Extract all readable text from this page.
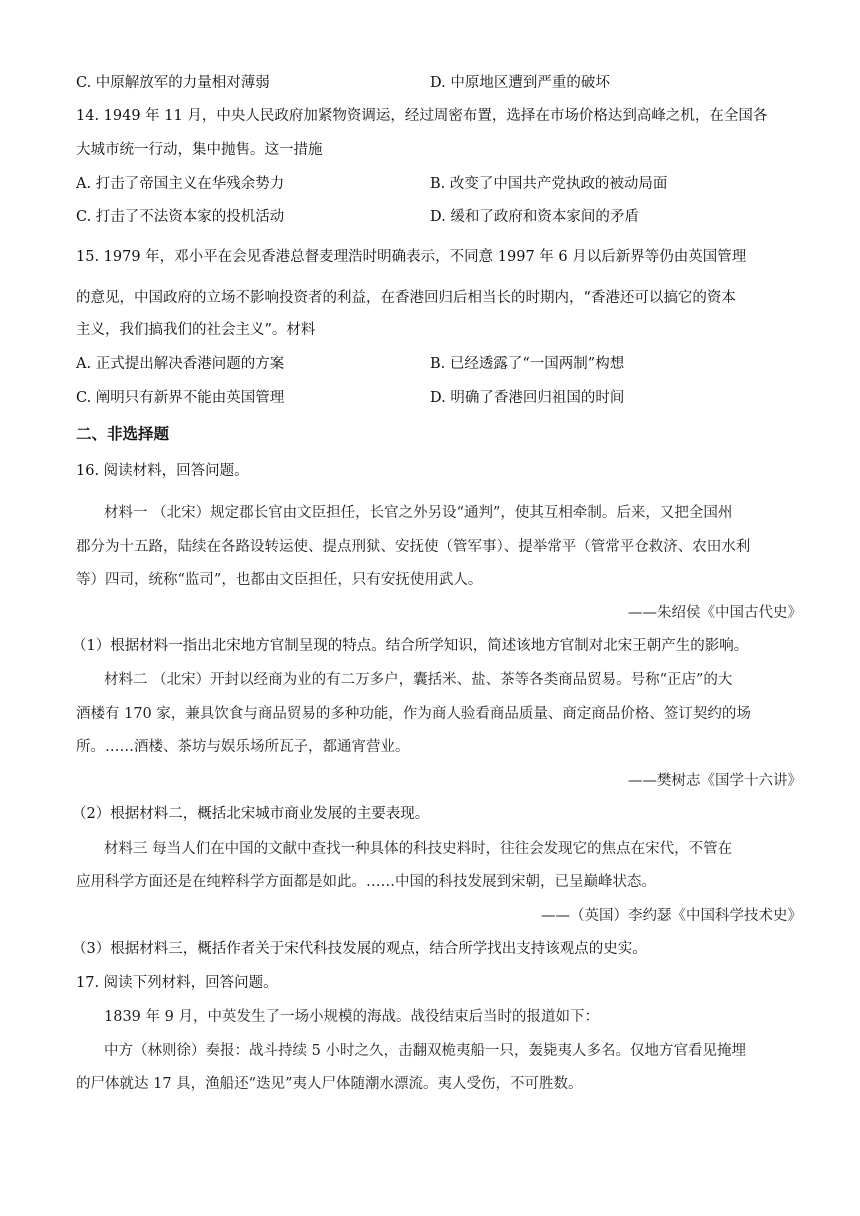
C. 中原解放军的力量相对薄弱	D. 中原地区遭到严重的破坏
14. 1949 年 11 月，中央人民政府加紧物资调运，经过周密布置，选择在市场价格达到高峰之机，在全国各
大城市统一行动，集中抛售。这一措施
A. 打击了帝国主义在华残余势力	B. 改变了中国共产党执政的被动局面
C. 打击了不法资本家的投机活动	D. 缓和了政府和资本家间的矛盾
15. 1979 年，邓小平在会见香港总督麦理浩时明确表示，不同意 1997 年 6 月以后新界等仍由英国管理
的意见，中国政府的立场不影响投资者的利益，在香港回归后相当长的时期内，“香港还可以搞它的资本
主义，我们搞我们的社会主义”。材料
A. 正式提出解决香港问题的方案	B. 已经透露了“一国两制”构想
C. 阐明只有新界不能由英国管理	D. 明确了香港回归祖国的时间
二、非选择题
16. 阅读材料，回答问题。
材料一 （北宋）规定郡长官由文臣担任，长官之外另设“通判”，使其互相牵制。后来，又把全国州
郡分为十五路，陆续在各路设转运使、提点刑狱、安抚使（管军事）、提举常平（管常平仓救济、农田水利
等）四司，统称“监司”，也都由文臣担任，只有安抚使用武人。
——朱绍侯《中国古代史》
（1）根据材料一指出北宋地方官制呈现的特点。结合所学知识，简述该地方官制对北宋王朝产生的影响。
材料二 （北宋）开封以经商为业的有二万多户，囊括米、盐、茶等各类商品贸易。号称“正店”的大
酒楼有 170 家，兼具饮食与商品贸易的多种功能，作为商人验看商品质量、商定商品价格、签订契约的场
所。……酒楼、茶坊与娱乐场所瓦子，都通宵营业。
——樊树志《国学十六讲》
（2）根据材料二，概括北宋城市商业发展的主要表现。
材料三 每当人们在中国的文献中查找一种具体的科技史料时，往往会发现它的焦点在宋代，不管在
应用科学方面还是在纯粹科学方面都是如此。……中国的科技发展到宋朝，已呈巅峰状态。
——（英国）李约瑟《中国科学技术史》
（3）根据材料三，概括作者关于宋代科技发展的观点，结合所学找出支持该观点的史实。
17. 阅读下列材料，回答问题。
1839 年 9 月，中英发生了一场小规模的海战。战役结束后当时的报道如下：
中方（林则徐）奏报：战斗持续 5 小时之久，击翻双桅夷船一只，轰毙夷人多名。仅地方官看见掩埋
的尸体就达 17 具，渔船还“迭见”夷人尸体随潮水漂流。夷人受伤，不可胜数。
